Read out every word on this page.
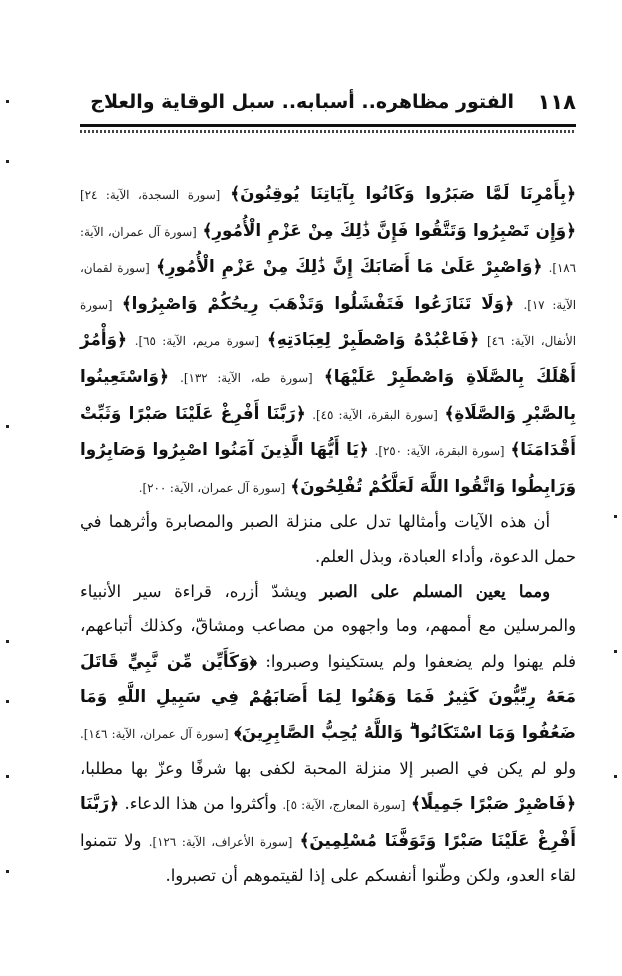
١١٨
الفتور مظاهره.. أسبابه.. سبل الوقاية والعلاج

﴿بِأَمْرِنَا لَمَّا صَبَرُوا وَكَانُوا بِآيَاتِنَا يُوقِنُونَ﴾ [سورة السجدة، الآية: ٢٤] ﴿وَإِن تَصْبِرُوا وَتَتَّقُوا فَإِنَّ ذَٰلِكَ مِنْ عَزْمِ الْأُمُورِ﴾ [سورة آل عمران، الآية: ١٨٦]. ﴿وَاصْبِرْ عَلَىٰ مَا أَصَابَكَ إِنَّ ذَٰلِكَ مِنْ عَزْمِ الْأُمُورِ﴾ [سورة لقمان، الآية: ١٧]. ﴿وَلَا تَنَازَعُوا فَتَفْشَلُوا وَتَذْهَبَ رِيحُكُمْ وَاصْبِرُوا﴾ [سورة الأنفال، الآية: ٤٦] ﴿فَاعْبُدْهُ وَاصْطَبِرْ لِعِبَادَتِهِ﴾ [سورة مريم، الآية: ٦٥]. ﴿وَأْمُرْ أَهْلَكَ بِالصَّلَاةِ وَاصْطَبِرْ عَلَيْهَا﴾ [سورة طه، الآية: ١٣٢]. ﴿وَاسْتَعِينُوا بِالصَّبْرِ وَالصَّلَاةِ﴾ [سورة البقرة، الآية: ٤٥]. ﴿رَبَّنَا أَفْرِغْ عَلَيْنَا صَبْرًا وَثَبِّتْ أَقْدَامَنَا﴾ [سورة البقرة، الآية: ٢٥٠]. ﴿يَا أَيُّهَا الَّذِينَ آمَنُوا اصْبِرُوا وَصَابِرُوا وَرَابِطُوا وَاتَّقُوا اللَّهَ لَعَلَّكُمْ تُفْلِحُونَ﴾ [سورة آل عمران، الآية: ٢٠٠].

أن هذه الآيات وأمثالها تدل على منزلة الصبر والمصابرة وأثرهما في حمل الدعوة، وأداء العبادة، وبذل العلم.

ومما يعين المسلم على الصبر ويشدّ أزره، قراءة سير الأنبياء والمرسلين مع أممهم، وما واجهوه من مصاعب ومشاقّ، وكذلك أتباعهم، فلم يهنوا ولم يضعفوا ولم يستكينوا وصبروا: ﴿وَكَأَيِّن مِّن نَّبِيٍّ قَاتَلَ مَعَهُ رِبِّيُّونَ كَثِيرٌ فَمَا وَهَنُوا لِمَا أَصَابَهُمْ فِي سَبِيلِ اللَّهِ وَمَا ضَعُفُوا وَمَا اسْتَكَانُوا ۗ وَاللَّهُ يُحِبُّ الصَّابِرِينَ﴾ [سورة آل عمران، الآية: ١٤٦]. ولو لم يكن في الصبر إلا منزلة المحبة لكفى بها شرفًا وعزّ بها مطلبا، ﴿فَاصْبِرْ صَبْرًا جَمِيلًا﴾ [سورة المعارج، الآية: ٥]. وأكثروا من هذا الدعاء. ﴿رَبَّنَا أَفْرِغْ عَلَيْنَا صَبْرًا وَتَوَفَّنَا مُسْلِمِينَ﴾ [سورة الأعراف، الآية: ١٢٦]. ولا تتمنوا لقاء العدو، ولكن وطّنوا أنفسكم على إذا لقيتموهم أن تصبروا.
